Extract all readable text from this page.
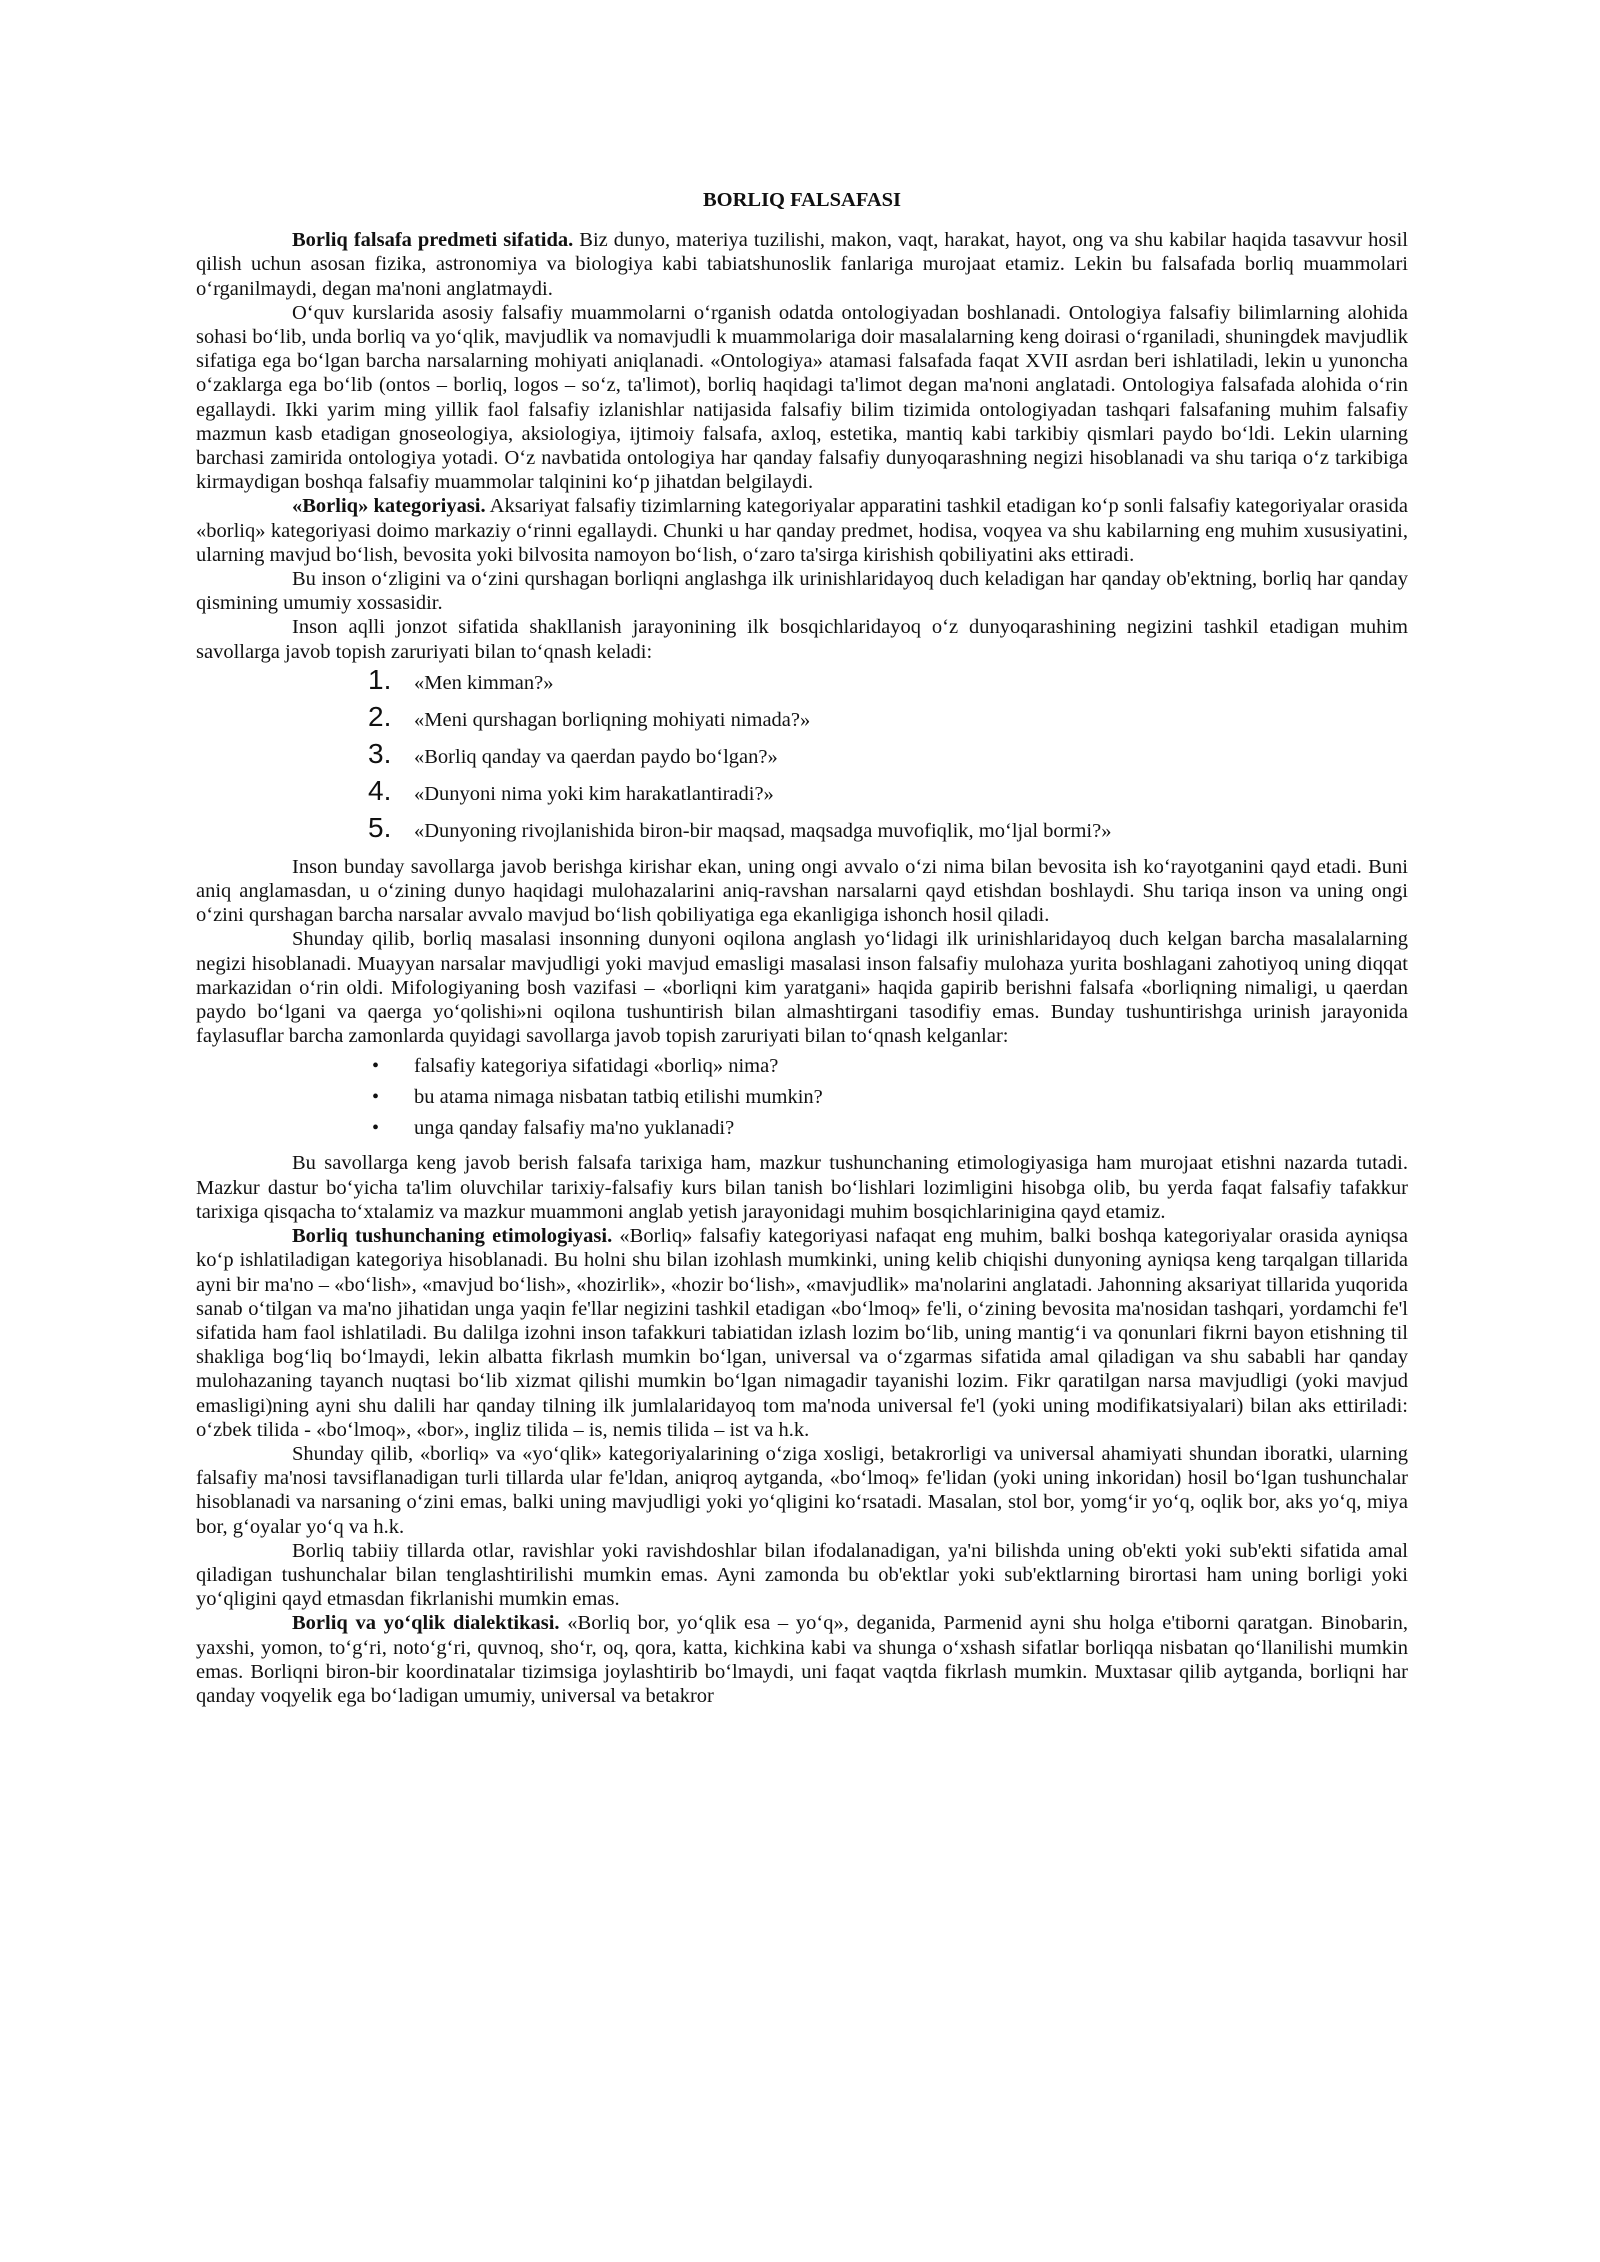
BORLIQ FALSAFASI

Borliq falsafa predmeti sifatida. Biz dunyo, materiya tuzilishi, makon, vaqt, harakat, hayot, ong va shu kabilar haqida tasavvur hosil qilish uchun asosan fizika, astronomiya va biologiya kabi tabiatshunoslik fanlariga murojaat etamiz. Lekin bu falsafada borliq muammolari o‘rganilmaydi, degan ma'noni anglatmaydi.

O‘quv kurslarida asosiy falsafiy muammolarni o‘rganish odatda ontologiyadan boshlanadi. Ontologiya falsafiy bilimlarning alohida sohasi bo‘lib, unda borliq va yo‘qlik, mavjudlik va nomavjudli k muammolariga doir masalalarning keng doirasi o‘rganiladi, shuningdek mavjudlik sifatiga ega bo‘lgan barcha narsalarning mohiyati aniqlanadi. «Ontologiya» atamasi falsafada faqat XVII asrdan beri ishlatiladi, lekin u yunoncha o‘zaklarga ega bo‘lib (ontos – borliq, logos – so‘z, ta'limot), borliq haqidagi ta'limot degan ma'noni anglatadi. Ontologiya falsafada alohida o‘rin egallaydi. Ikki yarim ming yillik faol falsafiy izlanishlar natijasida falsafiy bilim tizimida ontologiyadan tashqari falsafaning muhim falsafiy mazmun kasb etadigan gnoseologiya, aksiologiya, ijtimoiy falsafa, axloq, estetika, mantiq kabi tarkibiy qismlari paydo bo‘ldi. Lekin ularning barchasi zamirida ontologiya yotadi. O‘z navbatida ontologiya har qanday falsafiy dunyoqarashning negizi hisoblanadi va shu tariqa o‘z tarkibiga kirmaydigan boshqa falsafiy muammolar talqinini ko‘p jihatdan belgilaydi.

«Borliq» kategoriyasi. Aksariyat falsafiy tizimlarning kategoriyalar apparatini tashkil etadigan ko‘p sonli falsafiy kategoriyalar orasida «borliq» kategoriyasi doimo markaziy o‘rinni egallaydi. Chunki u har qanday predmet, hodisa, voqyea va shu kabilarning eng muhim xususiyatini, ularning mavjud bo‘lish, bevosita yoki bilvosita namoyon bo‘lish, o‘zaro ta'sirga kirishish qobiliyatini aks ettiradi.

Bu inson o‘zligini va o‘zini qurshagan borliqni anglashga ilk urinishlaridayoq duch keladigan har qanday ob'ektning, borliq har qanday qismining umumiy xossasidir.

Inson aqlli jonzot sifatida shakllanish jarayonining ilk bosqichlaridayoq o‘z dunyoqarashining negizini tashkil etadigan muhim savollarga javob topish zaruriyati bilan to‘qnash keladi:

1.	«Men kimman?»
2.	«Meni qurshagan borliqning mohiyati nimada?»
3.	«Borliq qanday va qaerdan paydo bo‘lgan?»
4.	«Dunyoni nima yoki kim harakatlantiradi?»
5.	«Dunyoning rivojlanishida biron-bir maqsad, maqsadga muvofiqlik, mo‘ljal bormi?»

Inson bunday savollarga javob berishga kirishar ekan, uning ongi avvalo o‘zi nima bilan bevosita ish ko‘rayotganini qayd etadi. Buni aniq anglamasdan, u o‘zining dunyo haqidagi mulohazalarini aniq-ravshan narsalarni qayd etishdan boshlaydi. Shu tariqa inson va uning ongi o‘zini qurshagan barcha narsalar avvalo mavjud bo‘lish qobiliyatiga ega ekanligiga ishonch hosil qiladi.

Shunday qilib, borliq masalasi insonning dunyoni oqilona anglash yo‘lidagi ilk urinishlaridayoq duch kelgan barcha masalalarning negizi hisoblanadi. Muayyan narsalar mavjudligi yoki mavjud emasligi masalasi inson falsafiy mulohaza yurita boshlagani zahotiyoq uning diqqat markazidan o‘rin oldi. Mifologiyaning bosh vazifasi – «borliqni kim yaratgani» haqida gapirib berishni falsafa «borliqning nimaligi, u qaerdan paydo bo‘lgani va qaerga yo‘qolishi»ni oqilona tushuntirish bilan almashtirgani tasodifiy emas. Bunday tushuntirishga urinish jarayonida faylasuflar barcha zamonlarda quyidagi savollarga javob topish zaruriyati bilan to‘qnash kelganlar:

•	falsafiy kategoriya sifatidagi «borliq» nima?
•	bu atama nimaga nisbatan tatbiq etilishi mumkin?
•	unga qanday falsafiy ma'no yuklanadi?

Bu savollarga keng javob berish falsafa tarixiga ham, mazkur tushunchaning etimologiyasiga ham murojaat etishni nazarda tutadi. Mazkur dastur bo‘yicha ta'lim oluvchilar tarixiy-falsafiy kurs bilan tanish bo‘lishlari lozimligini hisobga olib, bu yerda faqat falsafiy tafakkur tarixiga qisqacha to‘xtalamiz va mazkur muammoni anglab yetish jarayonidagi muhim bosqichlarinigina qayd etamiz.

Borliq tushunchaning etimologiyasi. «Borliq» falsafiy kategoriyasi nafaqat eng muhim, balki boshqa kategoriyalar orasida ayniqsa ko‘p ishlatiladigan kategoriya hisoblanadi. Bu holni shu bilan izohlash mumkinki, uning kelib chiqishi dunyoning ayniqsa keng tarqalgan tillarida ayni bir ma'no – «bo‘lish», «mavjud bo‘lish», «hozirlik», «hozir bo‘lish», «mavjudlik» ma'nolarini anglatadi. Jahonning aksariyat tillarida yuqorida sanab o‘tilgan va ma'no jihatidan unga yaqin fe'llar negizini tashkil etadigan «bo‘lmoq» fe'li, o‘zining bevosita ma'nosidan tashqari, yordamchi fe'l sifatida ham faol ishlatiladi. Bu dalilga izohni inson tafakkuri tabiatidan izlash lozim bo‘lib, uning mantig‘i va qonunlari fikrni bayon etishning til shakliga bog‘liq bo‘lmaydi, lekin albatta fikrlash mumkin bo‘lgan, universal va o‘zgarmas sifatida amal qiladigan va shu sababli har qanday mulohazaning tayanch nuqtasi bo‘lib xizmat qilishi mumkin bo‘lgan nimagadir tayanishi lozim. Fikr qaratilgan narsa mavjudligi (yoki mavjud emasligi)ning ayni shu dalili har qanday tilning ilk jumlalaridayoq tom ma'noda universal fe'l (yoki uning modifikatsiyalari) bilan aks ettiriladi: o‘zbek tilida - «bo‘lmoq», «bor», ingliz tilida – is, nemis tilida – ist va h.k.

Shunday qilib, «borliq» va «yo‘qlik» kategoriyalarining o‘ziga xosligi, betakrorligi va universal ahamiyati shundan iboratki, ularning falsafiy ma'nosi tavsiflanadigan turli tillarda ular fe'ldan, aniqroq aytganda, «bo‘lmoq» fe'lidan (yoki uning inkoridan) hosil bo‘lgan tushunchalar hisoblanadi va narsaning o‘zini emas, balki uning mavjudligi yoki yo‘qligini ko‘rsatadi. Masalan, stol bor, yomg‘ir yo‘q, oqlik bor, aks yo‘q, miya bor, g‘oyalar yo‘q va h.k.

Borliq tabiiy tillarda otlar, ravishlar yoki ravishdoshlar bilan ifodalanadigan, ya'ni bilishda uning ob'ekti yoki sub'ekti sifatida amal qiladigan tushunchalar bilan tenglashtirilishi mumkin emas. Ayni zamonda bu ob'ektlar yoki sub'ektlarning birortasi ham uning borligi yoki yo‘qligini qayd etmasdan fikrlanishi mumkin emas.

Borliq va yo‘qlik dialektikasi. «Borliq bor, yo‘qlik esa – yo‘q», deganida, Parmenid ayni shu holga e'tiborni qaratgan. Binobarin, yaxshi, yomon, to‘g‘ri, noto‘g‘ri, quvnoq, sho‘r, oq, qora, katta, kichkina kabi va shunga o‘xshash sifatlar borliqqa nisbatan qo‘llanilishi mumkin emas. Borliqni biron-bir koordinatalar tizimsiga joylashtirib bo‘lmaydi, uni faqat vaqtda fikrlash mumkin. Muxtasar qilib aytganda, borliqni har qanday voqyelik ega bo‘ladigan umumiy, universal va betakror
